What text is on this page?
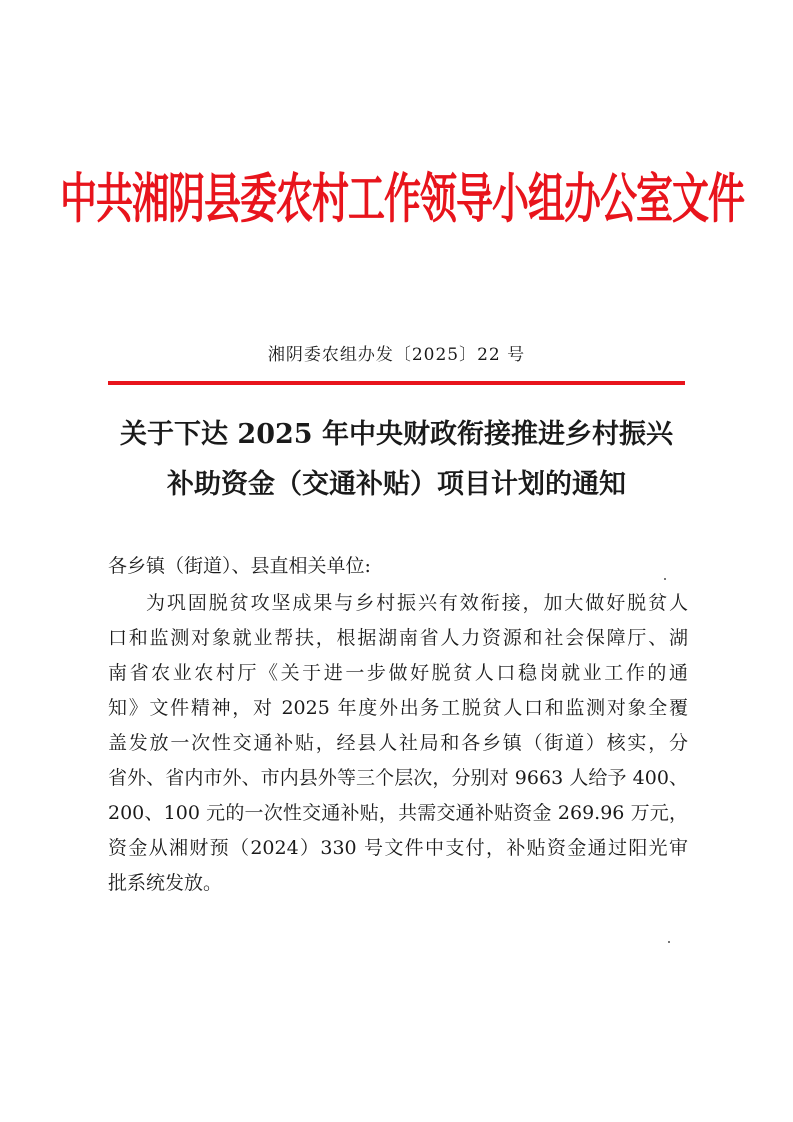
中共湘阴县委农村工作领导小组办公室文件
湘阴委农组办发〔2025〕22 号
关于下达 2025 年中央财政衔接推进乡村振兴
补助资金（交通补贴）项目计划的通知
各乡镇（街道）、县直相关单位:
为巩固脱贫攻坚成果与乡村振兴有效衔接，加大做好脱贫人
口和监测对象就业帮扶，根据湖南省人力资源和社会保障厅、湖
南省农业农村厅《关于进一步做好脱贫人口稳岗就业工作的通
知》文件精神，对 2025 年度外出务工脱贫人口和监测对象全覆
盖发放一次性交通补贴，经县人社局和各乡镇（街道）核实，分
省外、省内市外、市内县外等三个层次，分别对 9663 人给予 400、
200、100 元的一次性交通补贴，共需交通补贴资金 269.96 万元，
资金从湘财预（2024）330 号文件中支付，补贴资金通过阳光审
批系统发放。
